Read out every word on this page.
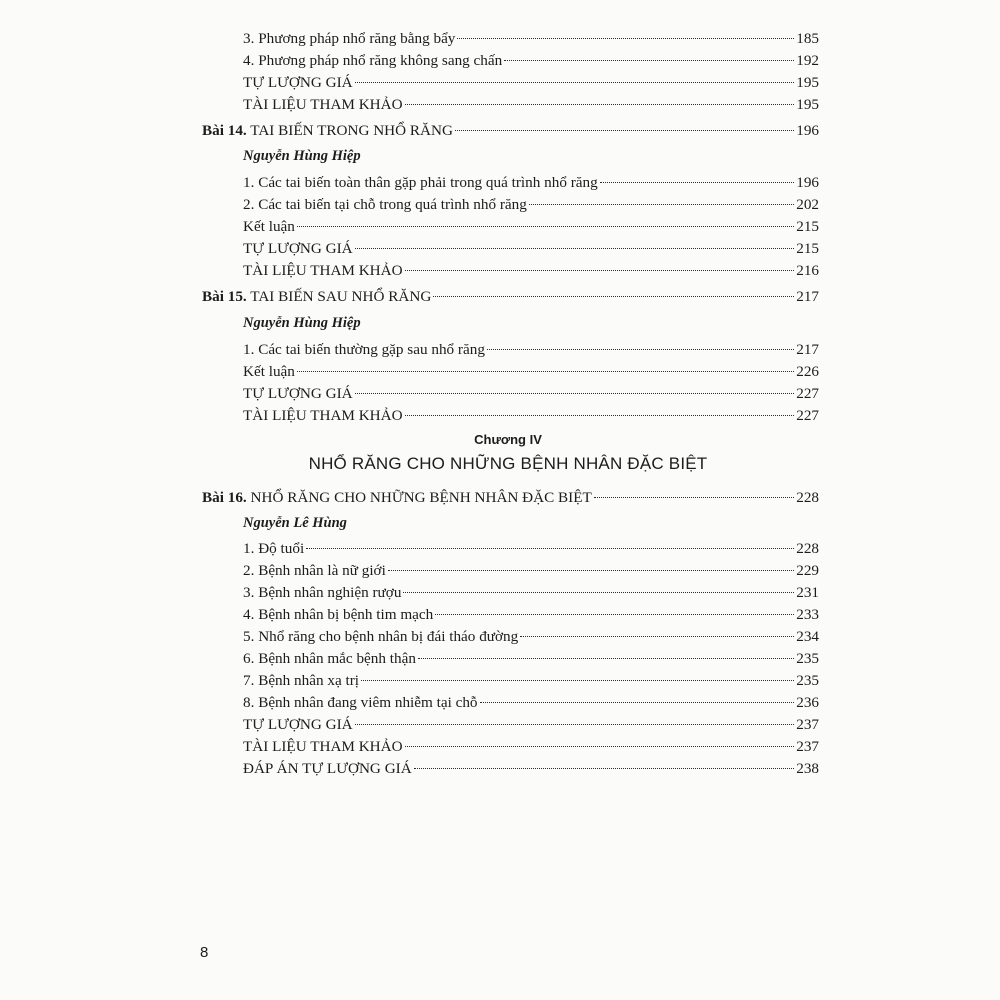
3. Phương pháp nhổ răng bằng bẩy	185
4. Phương pháp nhổ răng không sang chấn	192
TỰ LƯỢNG GIÁ	195
TÀI LIỆU THAM KHẢO	195
Bài 14. TAI BIẾN TRONG NHỔ RĂNG	196
Nguyễn Hùng Hiệp
1. Các tai biến toàn thân gặp phải trong quá trình nhổ răng	196
2. Các tai biến tại chỗ trong quá trình nhổ răng	202
Kết luận	215
TỰ LƯỢNG GIÁ	215
TÀI LIỆU THAM KHẢO	216
Bài 15. TAI BIẾN SAU NHỔ RĂNG	217
Nguyễn Hùng Hiệp
1. Các tai biến thường gặp sau nhổ răng	217
Kết luận	226
TỰ LƯỢNG GIÁ	227
TÀI LIỆU THAM KHẢO	227
Chương IV
NHỔ RĂNG CHO NHỮNG BỆNH NHÂN ĐẶC BIỆT
Bài 16. NHỔ RĂNG CHO NHỮNG BỆNH NHÂN ĐẶC BIỆT	228
Nguyễn Lê Hùng
1. Độ tuổi	228
2. Bệnh nhân là nữ giới	229
3. Bệnh nhân nghiện rượu	231
4. Bệnh nhân bị bệnh tim mạch	233
5. Nhổ răng cho bệnh nhân bị đái tháo đường	234
6. Bệnh nhân mắc bệnh thận	235
7. Bệnh nhân xạ trị	235
8. Bệnh nhân đang viêm nhiễm tại chỗ	236
TỰ LƯỢNG GIÁ	237
TÀI LIỆU THAM KHẢO	237
ĐÁP ÁN TỰ LƯỢNG GIÁ	238
8
